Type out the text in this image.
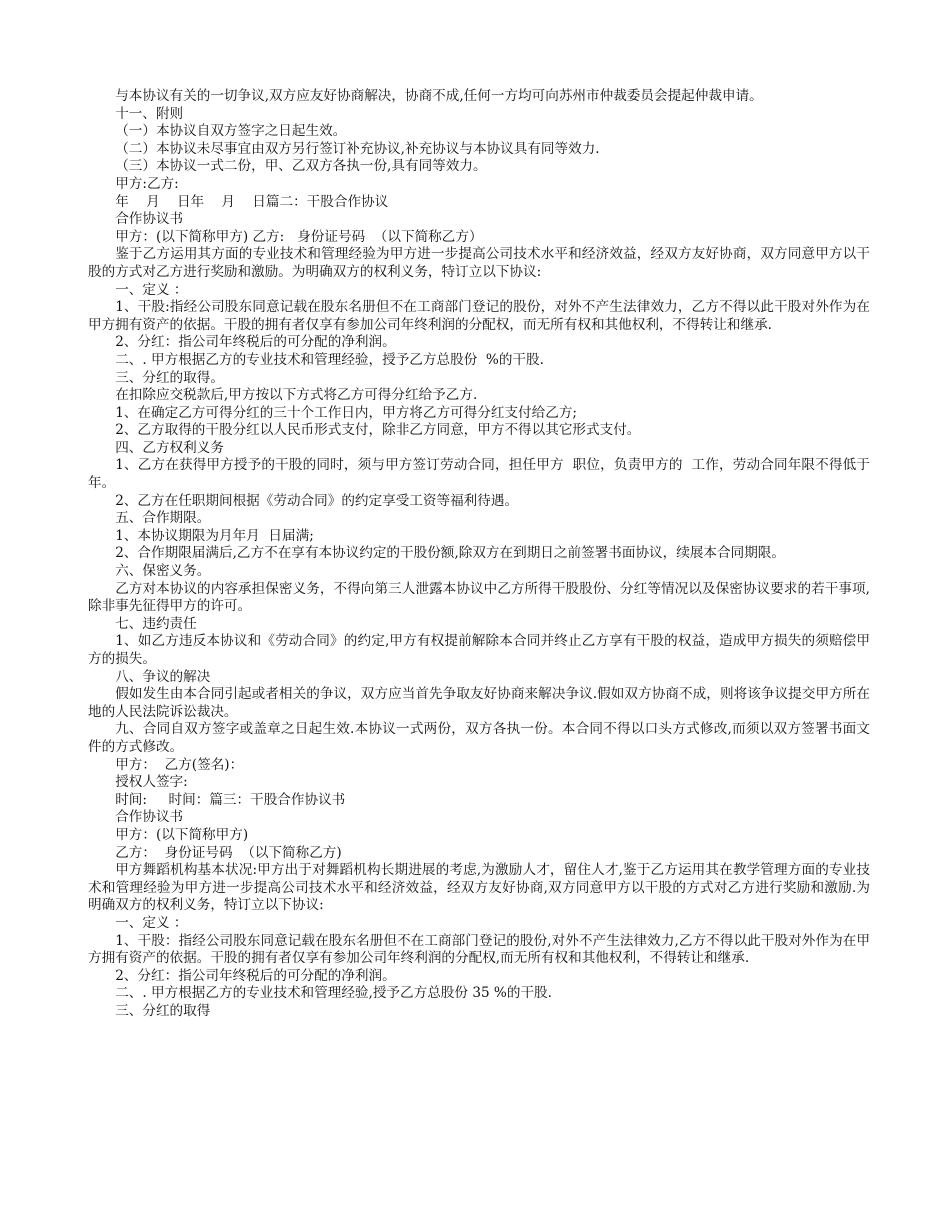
与本协议有关的一切争议,双方应友好协商解决，协商不成,任何一方均可向苏州市仲裁委员会提起仲裁申请。

十一、附则

（一）本协议自双方签字之日起生效。

（二）本协议未尽事宜由双方另行签订补充协议,补充协议与本协议具有同等效力.

（三）本协议一式二份，甲、乙双方各执一份,具有同等效力。

甲方:乙方:

年    月    日年    月    日篇二：干股合作协议

合作协议书

甲方：(以下简称甲方) 乙方:   身份证号码  （以下简称乙方）

鉴于乙方运用其方面的专业技术和管理经验为甲方进一步提高公司技术水平和经济效益，经双方友好协商，双方同意甲方以干股的方式对乙方进行奖励和激励。为明确双方的权利义务，特订立以下协议:

一、定义 ：

1、干股:指经公司股东同意记载在股东名册但不在工商部门登记的股份，对外不产生法律效力，乙方不得以此干股对外作为在甲方拥有资产的依据。干股的拥有者仅享有参加公司年终利润的分配权，而无所有权和其他权利，不得转让和继承.

2、分红：指公司年终税后的可分配的净利润。

二、. 甲方根据乙方的专业技术和管理经验，授予乙方总股份  %的干股.

三、分红的取得。

在扣除应交税款后,甲方按以下方式将乙方可得分红给予乙方.

1、在确定乙方可得分红的三十个工作日内，甲方将乙方可得分红支付给乙方;

2、乙方取得的干股分红以人民币形式支付，除非乙方同意，甲方不得以其它形式支付。

四、乙方权利义务

1、乙方在获得甲方授予的干股的同时，须与甲方签订劳动合同，担任甲方  职位，负责甲方的  工作，劳动合同年限不得低于    年。

2、乙方在任职期间根据《劳动合同》的约定享受工资等福利待遇。

五、合作期限。

1、本协议期限为月年月  日届满;

2、合作期限届满后,乙方不在享有本协议约定的干股份额,除双方在到期日之前签署书面协议，续展本合同期限。

六、保密义务。

乙方对本协议的内容承担保密义务，不得向第三人泄露本协议中乙方所得干股股份、分红等情况以及保密协议要求的若干事项,除非事先征得甲方的许可。

七、违约责任

1、如乙方违反本协议和《劳动合同》的约定,甲方有权提前解除本合同并终止乙方享有干股的权益，造成甲方损失的须赔偿甲方的损失。

八、争议的解决

假如发生由本合同引起或者相关的争议，双方应当首先争取友好协商来解决争议.假如双方协商不成，则将该争议提交甲方所在地的人民法院诉讼裁决。

九、合同自双方签字或盖章之日起生效.本协议一式两份，双方各执一份。本合同不得以口头方式修改,而须以双方签署书面文件的方式修改。

甲方：  乙方(签名)：

授权人签字:

时间:     时间：篇三：干股合作协议书

合作协议书

甲方：(以下简称甲方)

乙方：  身份证号码  （以下简称乙方)

甲方舞蹈机构基本状况:甲方出于对舞蹈机构长期进展的考虑,为激励人才，留住人才,鉴于乙方运用其在教学管理方面的专业技术和管理经验为甲方进一步提高公司技术水平和经济效益，经双方友好协商,双方同意甲方以干股的方式对乙方进行奖励和激励.为明确双方的权利义务，特订立以下协议:

一、定义 ：

1、干股：指经公司股东同意记载在股东名册但不在工商部门登记的股份,对外不产生法律效力,乙方不得以此干股对外作为在甲方拥有资产的依据。干股的拥有者仅享有参加公司年终利润的分配权,而无所有权和其他权利，不得转让和继承.

2、分红：指公司年终税后的可分配的净利润。

二、. 甲方根据乙方的专业技术和管理经验,授予乙方总股份 35 %的干股.

三、分红的取得
